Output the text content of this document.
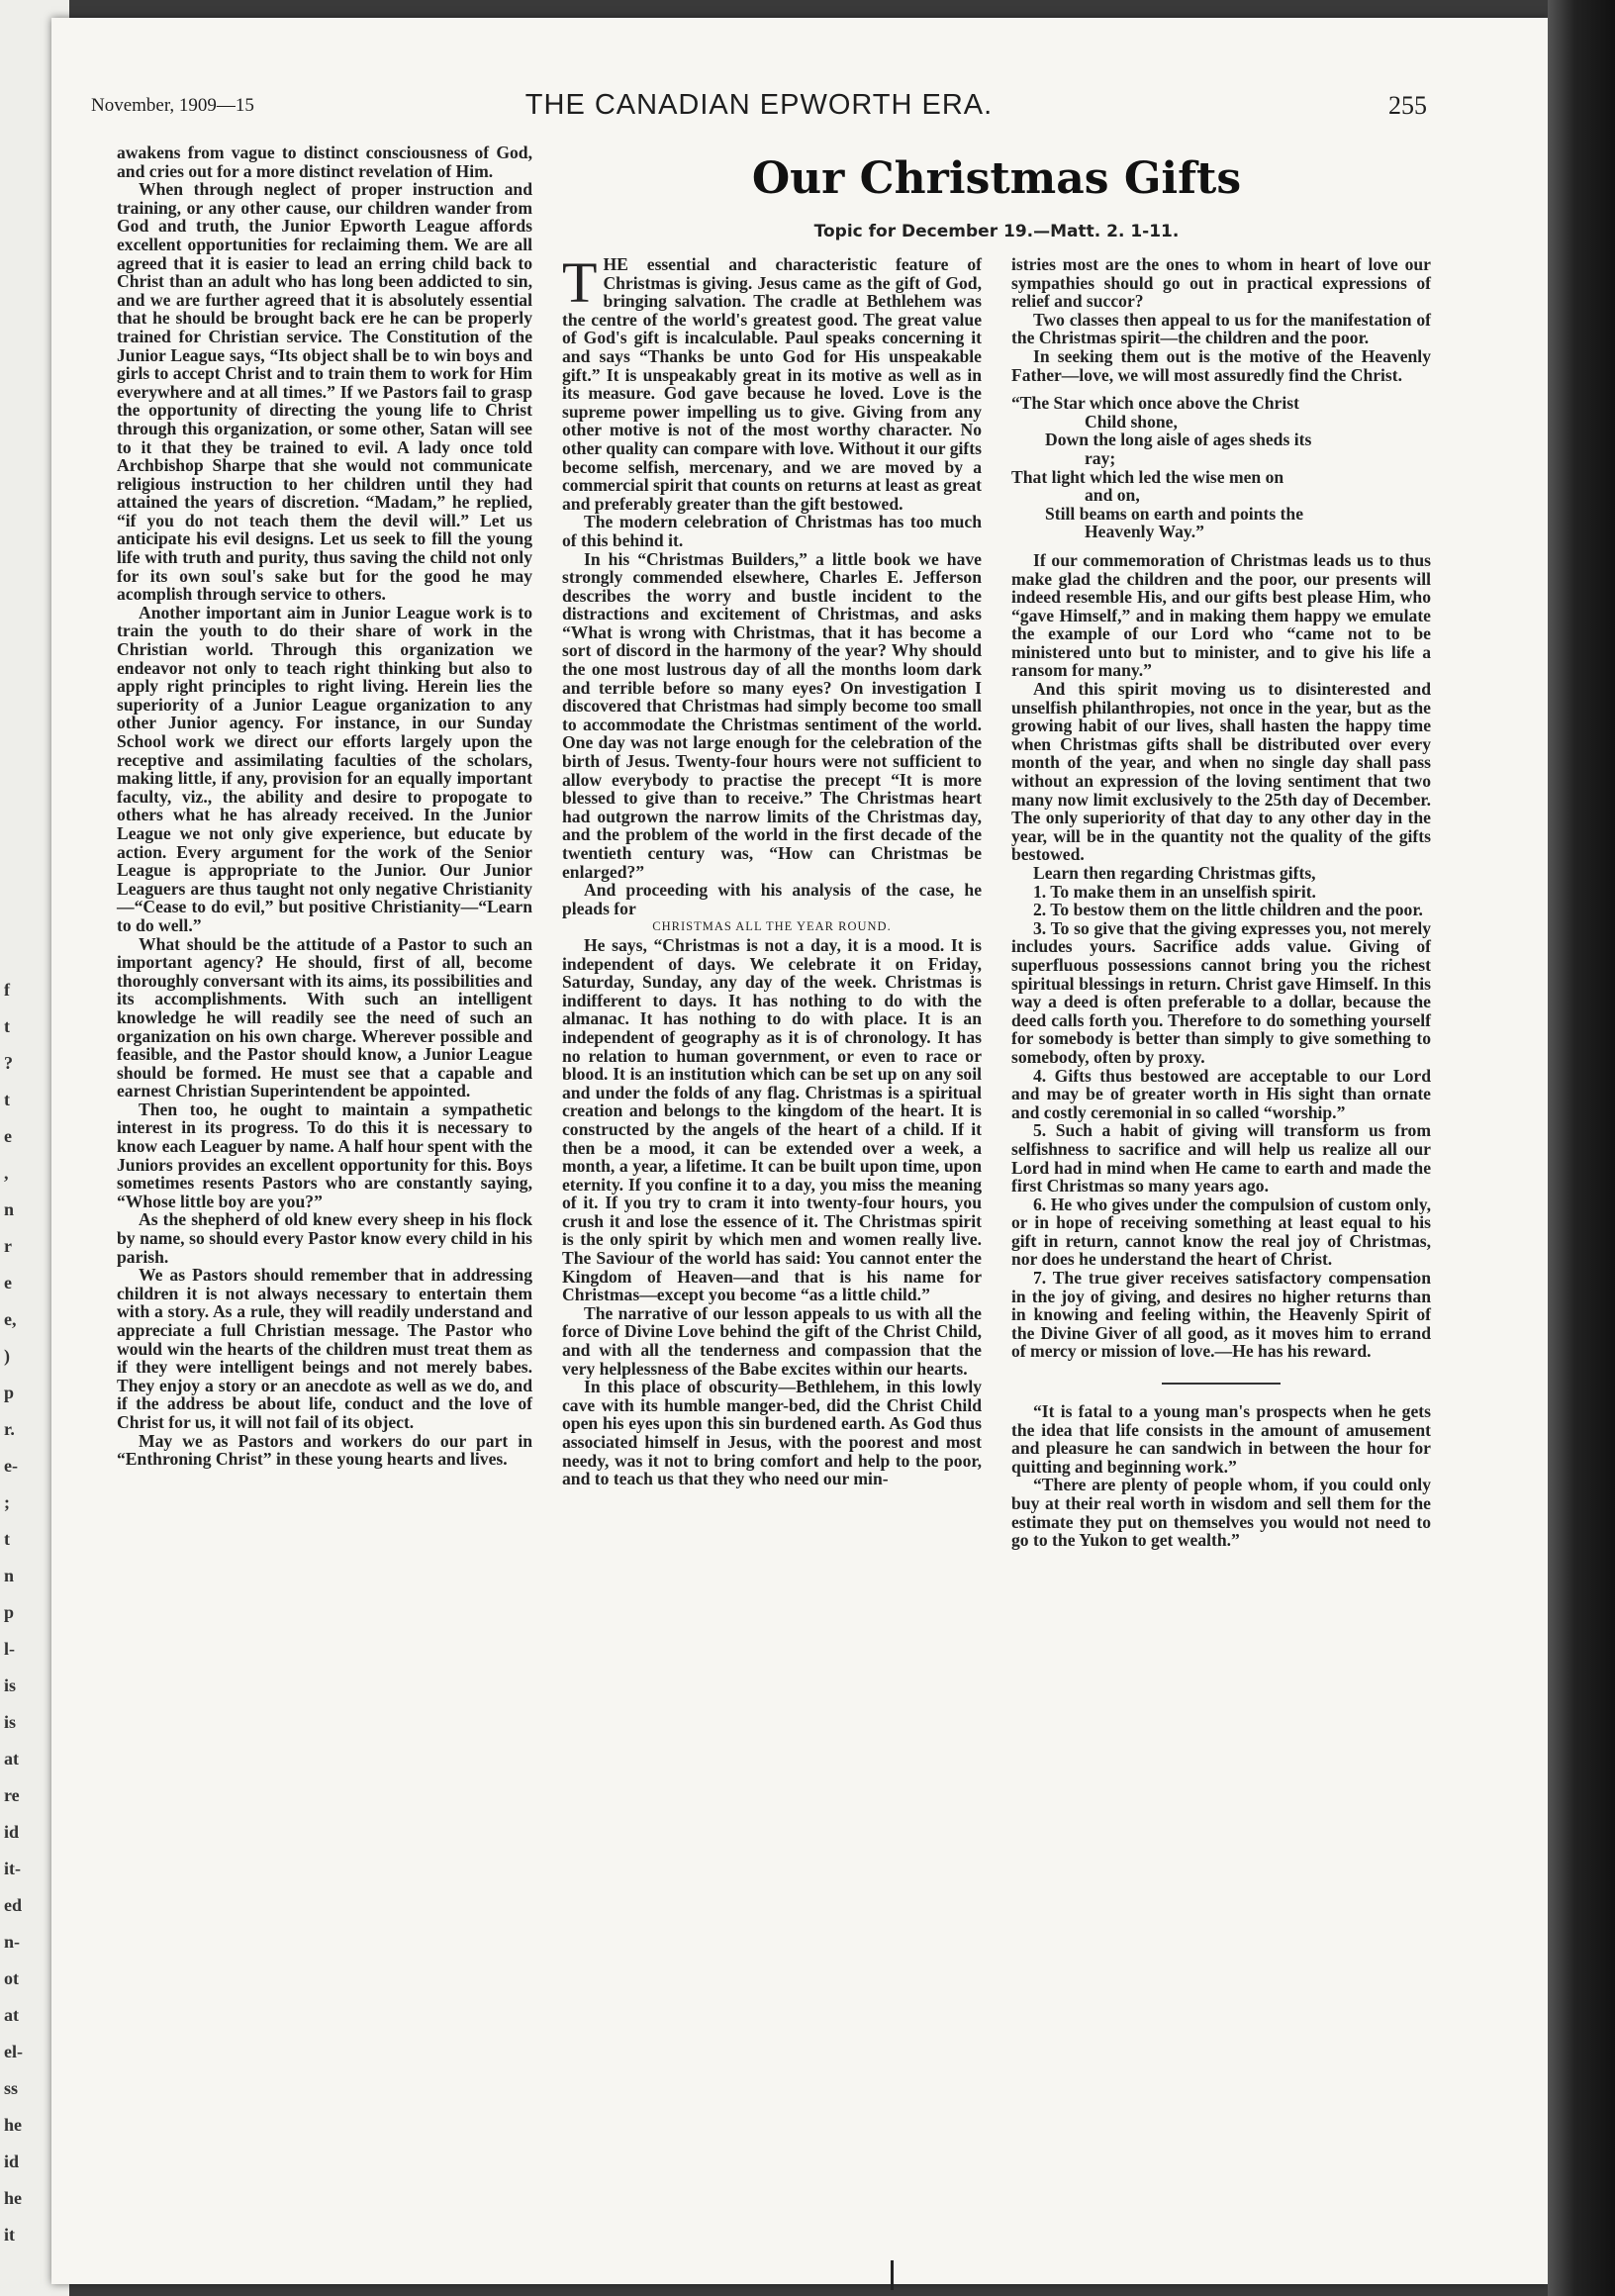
f
t
?
t
e
,
n
r
e
e,
)
p
r.
e-
;
t
n
p
l-
is
is
at
re
id
it-
ed
n-
ot
at
el-
ss
he
id
he
it
November, 1909—15	THE CANADIAN EPWORTH ERA.	255

awakens from vague to distinct consciousness of God, and cries out for a more distinct revelation of Him.

When through neglect of proper instruction and training, or any other cause, our children wander from God and truth, the Junior Epworth League affords excellent opportunities for reclaiming them. We are all agreed that it is easier to lead an erring child back to Christ than an adult who has long been addicted to sin, and we are further agreed that it is absolutely essential that he should be brought back ere he can be properly trained for Christian service. The Constitution of the Junior League says, “Its object shall be to win boys and girls to accept Christ and to train them to work for Him everywhere and at all times.” If we Pastors fail to grasp the opportunity of directing the young life to Christ through this organization, or some other, Satan will see to it that they be trained to evil. A lady once told Archbishop Sharpe that she would not communicate religious instruction to her children until they had attained the years of discretion. “Madam,” he replied, “if you do not teach them the devil will.” Let us anticipate his evil designs. Let us seek to fill the young life with truth and purity, thus saving the child not only for its own soul's sake but for the good he may acomplish through service to others.

Another important aim in Junior League work is to train the youth to do their share of work in the Christian world. Through this organization we endeavor not only to teach right thinking but also to apply right principles to right living. Herein lies the superiority of a Junior League organization to any other Junior agency. For instance, in our Sunday School work we direct our efforts largely upon the receptive and assimilating faculties of the scholars, making little, if any, provision for an equally important faculty, viz., the ability and desire to propogate to others what he has already received. In the Junior League we not only give experience, but educate by action. Every argument for the work of the Senior League is appropriate to the Junior. Our Junior Leaguers are thus taught not only negative Christianity—“Cease to do evil,” but positive Christianity—“Learn to do well.”

What should be the attitude of a Pastor to such an important agency? He should, first of all, become thoroughly conversant with its aims, its possibilities and its accomplishments. With such an intelligent knowledge he will readily see the need of such an organization on his own charge. Wherever possible and feasible, and the Pastor should know, a Junior League should be formed. He must see that a capable and earnest Christian Superintendent be appointed.

Then too, he ought to maintain a sympathetic interest in its progress. To do this it is necessary to know each Leaguer by name. A half hour spent with the Juniors provides an excellent opportunity for this. Boys sometimes resents Pastors who are constantly saying, “Whose little boy are you?”

As the shepherd of old knew every sheep in his flock by name, so should every Pastor know every child in his parish.

We as Pastors should remember that in addressing children it is not always necessary to entertain them with a story. As a rule, they will readily understand and appreciate a full Christian message. The Pastor who would win the hearts of the children must treat them as if they were intelligent beings and not merely babes. They enjoy a story or an anecdote as well as we do, and if the address be about life, conduct and the love of Christ for us, it will not fail of its object.

May we as Pastors and workers do our part in “Enthroning Christ” in these young hearts and lives.

Our Christmas Gifts
Topic for December 19.—Matt. 2. 1-11.

THE essential and characteristic feature of Christmas is giving. Jesus came as the gift of God, bringing salvation. The cradle at Bethlehem was the centre of the world's greatest good. The great value of God's gift is incalculable. Paul speaks concerning it and says “Thanks be unto God for His unspeakable gift.” It is unspeakably great in its motive as well as in its measure. God gave because he loved. Love is the supreme power impelling us to give. Giving from any other motive is not of the most worthy character. No other quality can compare with love. Without it our gifts become selfish, mercenary, and we are moved by a commercial spirit that counts on returns at least as great and preferably greater than the gift bestowed.

The modern celebration of Christmas has too much of this behind it.

In his “Christmas Builders,” a little book we have strongly commended elsewhere, Charles E. Jefferson describes the worry and bustle incident to the distractions and excitement of Christmas, and asks “What is wrong with Christmas, that it has become a sort of discord in the harmony of the year? Why should the one most lustrous day of all the months loom dark and terrible before so many eyes? On investigation I discovered that Christmas had simply become too small to accommodate the Christmas sentiment of the world. One day was not large enough for the celebration of the birth of Jesus. Twenty-four hours were not sufficient to allow everybody to practise the precept “It is more blessed to give than to receive.” The Christmas heart had outgrown the narrow limits of the Christmas day, and the problem of the world in the first decade of the twentieth century was, “How can Christmas be enlarged?”

And proceeding with his analysis of the case, he pleads for

CHRISTMAS ALL THE YEAR ROUND.

He says, “Christmas is not a day, it is a mood. It is independent of days. We celebrate it on Friday, Saturday, Sunday, any day of the week. Christmas is indifferent to days. It has nothing to do with the almanac. It has nothing to do with place. It is an independent of geography as it is of chronology. It has no relation to human government, or even to race or blood. It is an institution which can be set up on any soil and under the folds of any flag. Christmas is a spiritual creation and belongs to the kingdom of the heart. It is constructed by the angels of the heart of a child. If it then be a mood, it can be extended over a week, a month, a year, a lifetime. It can be built upon time, upon eternity. If you confine it to a day, you miss the meaning of it. If you try to cram it into twenty-four hours, you crush it and lose the essence of it. The Christmas spirit is the only spirit by which men and women really live. The Saviour of the world has said: You cannot enter the Kingdom of Heaven—and that is his name for Christmas—except you become “as a little child.”

The narrative of our lesson appeals to us with all the force of Divine Love behind the gift of the Christ Child, and with all the tenderness and compassion that the very helplessness of the Babe excites within our hearts.

In this place of obscurity—Bethlehem, in this lowly cave with its humble manger-bed, did the Christ Child open his eyes upon this sin burdened earth. As God thus associated himself in Jesus, with the poorest and most needy, was it not to bring comfort and help to the poor, and to teach us that they who need our min-

istries most are the ones to whom in heart of love our sympathies should go out in practical expressions of relief and succor?

Two classes then appeal to us for the manifestation of the Christmas spirit—the children and the poor.

In seeking them out is the motive of the Heavenly Father—love, we will most assuredly find the Christ.

“The Star which once above the Christ
Child shone,
Down the long aisle of ages sheds its
ray;
That light which led the wise men on
and on,
Still beams on earth and points the
Heavenly Way.”

If our commemoration of Christmas leads us to thus make glad the children and the poor, our presents will indeed resemble His, and our gifts best please Him, who “gave Himself,” and in making them happy we emulate the example of our Lord who “came not to be ministered unto but to minister, and to give his life a ransom for many.”

And this spirit moving us to disinterested and unselfish philanthropies, not once in the year, but as the growing habit of our lives, shall hasten the happy time when Christmas gifts shall be distributed over every month of the year, and when no single day shall pass without an expression of the loving sentiment that two many now limit exclusively to the 25th day of December. The only superiority of that day to any other day in the year, will be in the quantity not the quality of the gifts bestowed.

Learn then regarding Christmas gifts,

1. To make them in an unselfish spirit.

2. To bestow them on the little children and the poor.

3. To so give that the giving expresses you, not merely includes yours. Sacrifice adds value. Giving of superfluous possessions cannot bring you the richest spiritual blessings in return. Christ gave Himself. In this way a deed is often preferable to a dollar, because the deed calls forth you. Therefore to do something yourself for somebody is better than simply to give something to somebody, often by proxy.

4. Gifts thus bestowed are acceptable to our Lord and may be of greater worth in His sight than ornate and costly ceremonial in so called “worship.”

5. Such a habit of giving will transform us from selfishness to sacrifice and will help us realize all our Lord had in mind when He came to earth and made the first Christmas so many years ago.

6. He who gives under the compulsion of custom only, or in hope of receiving something at least equal to his gift in return, cannot know the real joy of Christmas, nor does he understand the heart of Christ.

7. The true giver receives satisfactory compensation in the joy of giving, and desires no higher returns than in knowing and feeling within, the Heavenly Spirit of the Divine Giver of all good, as it moves him to errand of mercy or mission of love.—He has his reward.

“It is fatal to a young man's prospects when he gets the idea that life consists in the amount of amusement and pleasure he can sandwich in between the hour for quitting and beginning work.”

“There are plenty of people whom, if you could only buy at their real worth in wisdom and sell them for the estimate they put on themselves you would not need to go to the Yukon to get wealth.”
